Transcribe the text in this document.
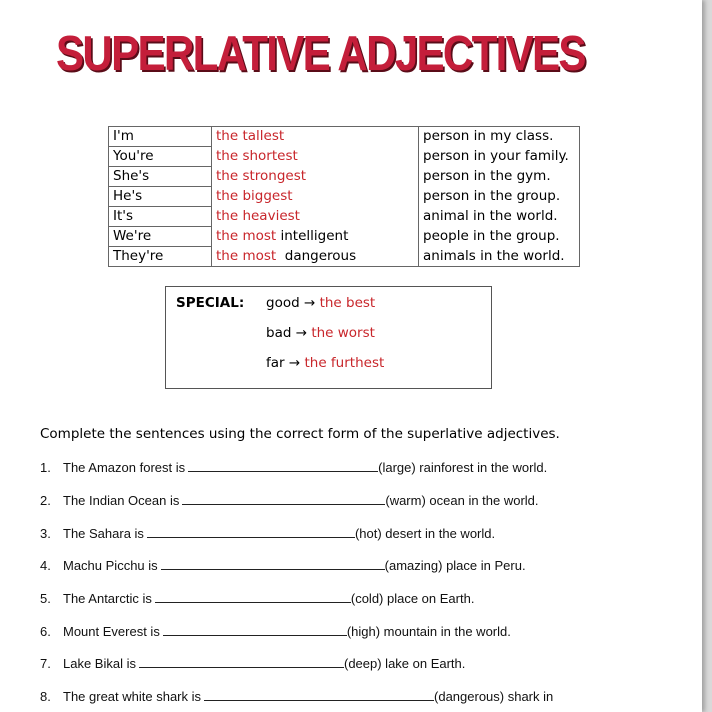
SUPERLATIVE ADJECTIVES
I'm	the tallest	person in my class.
You're	the shortest	person in your family.
She's	the strongest	person in the gym.
He's	the biggest	person in the group.
It's	the heaviest	animal in the world.
We're	the most intelligent	people in the group.
They're	the most  dangerous	animals in the world.
SPECIAL: good → the best
bad → the worst
far → the furthest
Complete the sentences using the correct form of the superlative adjectives.
1. The Amazon forest is	(large) rainforest in the world.
2. The Indian Ocean is	(warm) ocean in the world.
3. The Sahara is	(hot) desert in the world.
4. Machu Picchu is	(amazing) place in Peru.
5. The Antarctic is	(cold) place on Earth.
6. Mount Everest is	(high) mountain in the world.
7. Lake Bikal is	(deep) lake on Earth.
8. The great white shark is	(dangerous) shark in
